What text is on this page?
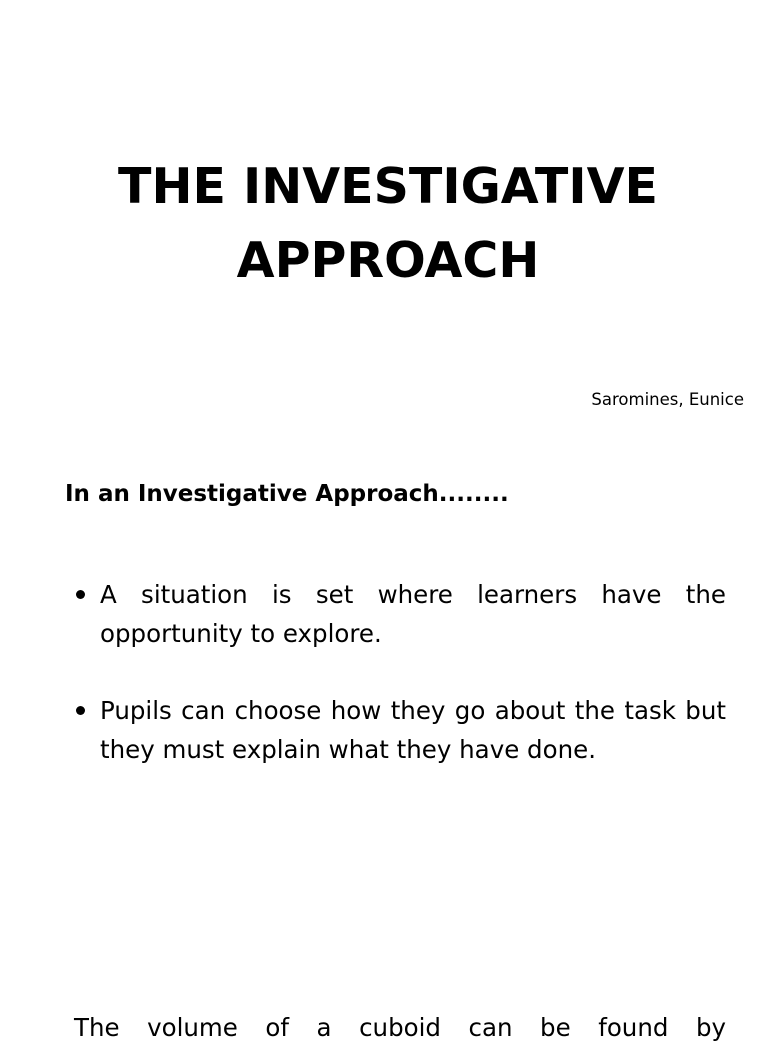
THE INVESTIGATIVE
APPROACH
Saromines, Eunice
In an Investigative Approach........
A situation is set where learners have the opportunity to explore.
Pupils can choose how they go about the task but they must explain what they have done.
The volume of a cuboid can be found by
